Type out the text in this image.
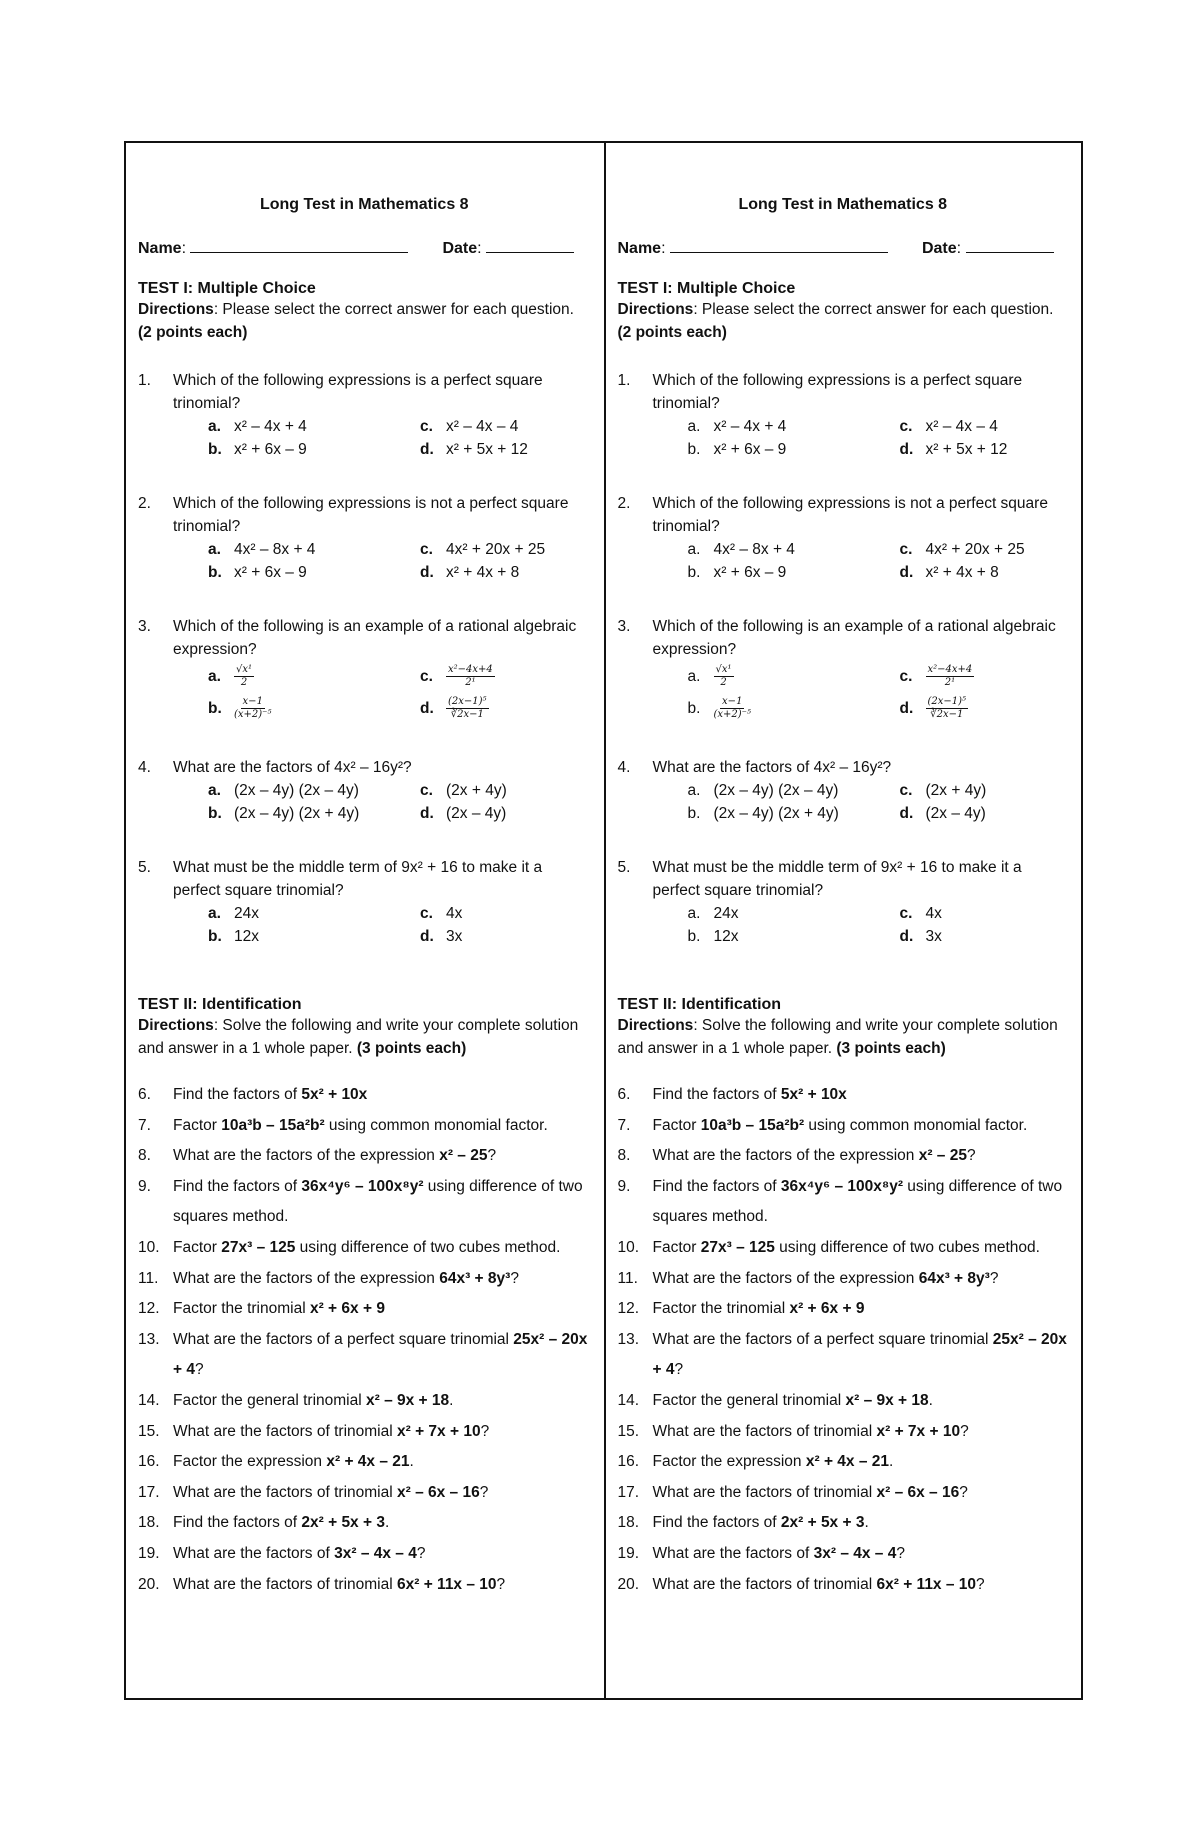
Long Test in Mathematics 8
Name :	Date :
TEST I: Multiple Choice
Directions: Please select the correct answer for each question. (2 points each)
1.	Which of the following expressions is a perfect square trinomial?
a. x² – 4x + 4	c. x² – 4x – 4
b. x² + 6x – 9	d. x² + 5x + 12
2.	Which of the following expressions is not a perfect square trinomial?
a. 4x² – 8x + 4	c. 4x² + 20x + 25
b. x² + 6x – 9	d. x² + 4x + 8
3.	Which of the following is an example of a rational algebraic expression?
a. $\frac{\text{√x¹}}{2}$	c. $\frac{\text{x²−4x+4}}{\text{2¹}}$
b. $\frac{x-1}{\text{(x+2)⁻⁵}}$	d. $\frac{\text{(2x−1)⁵}}{∛2x-1}$
4.	What are the factors of 4x² – 16y²?
a. (2x – 4y) (2x – 4y)	c. (2x + 4y)
b. (2x – 4y) (2x + 4y)	d. (2x – 4y)
5.	What must be the middle term of 9x² + 16 to make it a perfect square trinomial?
a. 24x	c. 4x
b. 12x	d. 3x
TEST II: Identification
Directions: Solve the following and write your complete solution and answer in a 1 whole paper. (3 points each)
6.	Find the factors of 5x² + 10x
7.	Factor 10a³b – 15a²b² using common monomial factor.
8.	What are the factors of the expression x² – 25?
9.	Find the factors of 36x⁴y⁶ – 100x⁸y² using difference of two squares method.
10. Factor 27x³ – 125 using difference of two cubes method.
11. What are the factors of the expression 64x³ + 8y³?
12. Factor the trinomial x² + 6x + 9
13. What are the factors of a perfect square trinomial 25x² – 20x + 4?
14. Factor the general trinomial x² – 9x + 18.
15. What are the factors of trinomial x² + 7x + 10?
16. Factor the expression x² + 4x – 21.
17. What are the factors of trinomial x² – 6x – 16?
18. Find the factors of 2x² + 5x + 3.
19. What are the factors of 3x² – 4x – 4?
20. What are the factors of trinomial 6x² + 11x – 10?
Long Test in Mathematics 8
Name :	Date :
TEST I: Multiple Choice
Directions: Please select the correct answer for each question. (2 points each)
1.	Which of the following expressions is a perfect square trinomial?
a. x² – 4x + 4	c. x² – 4x – 4
b. x² + 6x – 9	d. x² + 5x + 12
2.	Which of the following expressions is not a perfect square trinomial?
a. 4x² – 8x + 4	c. 4x² + 20x + 25
b. x² + 6x – 9	d. x² + 4x + 8
3.	Which of the following is an example of a rational algebraic expression?
a. $\frac{\text{√x¹}}{2}$	c. $\frac{\text{x²−4x+4}}{\text{2¹}}$
b. $\frac{x-1}{\text{(x+2)⁻⁵}}$	d. $\frac{\text{(2x−1)⁵}}{∛2x-1}$
4.	What are the factors of 4x² – 16y²?
a. (2x – 4y) (2x – 4y)	c. (2x + 4y)
b. (2x – 4y) (2x + 4y)	d. (2x – 4y)
5.	What must be the middle term of 9x² + 16 to make it a perfect square trinomial?
a. 24x	c. 4x
b. 12x	d. 3x
TEST II: Identification
Directions: Solve the following and write your complete solution and answer in a 1 whole paper. (3 points each)
6.	Find the factors of 5x² + 10x
7.	Factor 10a³b – 15a²b² using common monomial factor.
8.	What are the factors of the expression x² – 25?
9.	Find the factors of 36x⁴y⁶ – 100x⁸y² using difference of two squares method.
10. Factor 27x³ – 125 using difference of two cubes method.
11. What are the factors of the expression 64x³ + 8y³?
12. Factor the trinomial x² + 6x + 9
13. What are the factors of a perfect square trinomial 25x² – 20x + 4?
14. Factor the general trinomial x² – 9x + 18.
15. What are the factors of trinomial x² + 7x + 10?
16. Factor the expression x² + 4x – 21.
17. What are the factors of trinomial x² – 6x – 16?
18. Find the factors of 2x² + 5x + 3.
19. What are the factors of 3x² – 4x – 4?
20. What are the factors of trinomial 6x² + 11x – 10?
